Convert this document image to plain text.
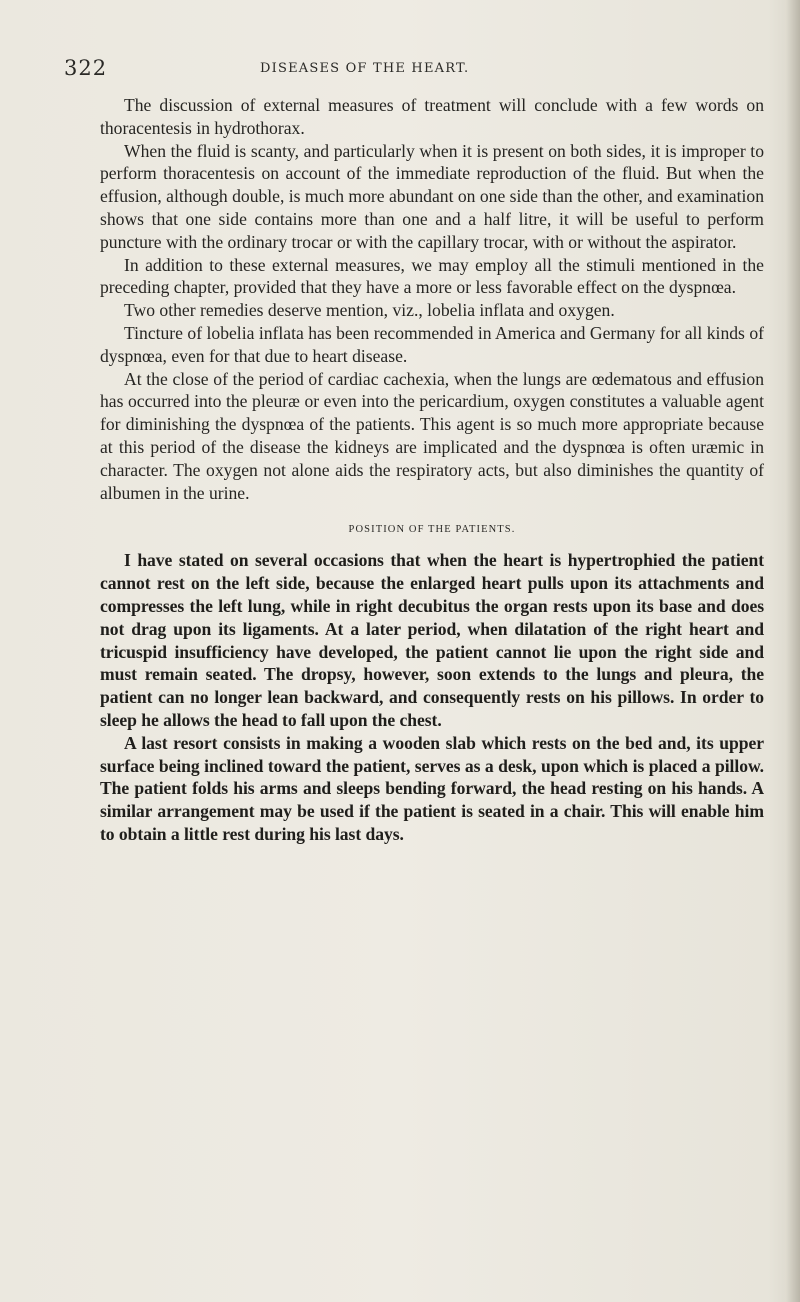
322	DISEASES OF THE HEART.

The discussion of external measures of treatment will conclude with a few words on thoracentesis in hydrothorax.

When the fluid is scanty, and particularly when it is present on both sides, it is improper to perform thoracentesis on account of the immediate reproduction of the fluid. But when the effusion, although double, is much more abundant on one side than the other, and examination shows that one side contains more than one and a half litre, it will be useful to perform puncture with the ordinary trocar or with the capillary trocar, with or without the aspirator.

In addition to these external measures, we may employ all the stimuli mentioned in the preceding chapter, provided that they have a more or less favorable effect on the dyspnœa.

Two other remedies deserve mention, viz., lobelia inflata and oxygen.

Tincture of lobelia inflata has been recommended in America and Germany for all kinds of dyspnœa, even for that due to heart disease.

At the close of the period of cardiac cachexia, when the lungs are œdematous and effusion has occurred into the pleuræ or even into the pericardium, oxygen constitutes a valuable agent for diminishing the dyspnœa of the patients. This agent is so much more appropriate because at this period of the disease the kidneys are implicated and the dyspnœa is often uræmic in character. The oxygen not alone aids the respiratory acts, but also diminishes the quantity of albumen in the urine.

POSITION OF THE PATIENTS.

I have stated on several occasions that when the heart is hypertrophied the patient cannot rest on the left side, because the enlarged heart pulls upon its attachments and compresses the left lung, while in right decubitus the organ rests upon its base and does not drag upon its ligaments. At a later period, when dilatation of the right heart and tricuspid insufficiency have developed, the patient cannot lie upon the right side and must remain seated. The dropsy, however, soon extends to the lungs and pleura, the patient can no longer lean backward, and consequently rests on his pillows. In order to sleep he allows the head to fall upon the chest.

A last resort consists in making a wooden slab which rests on the bed and, its upper surface being inclined toward the patient, serves as a desk, upon which is placed a pillow. The patient folds his arms and sleeps bending forward, the head resting on his hands. A similar arrangement may be used if the patient is seated in a chair. This will enable him to obtain a little rest during his last days.
